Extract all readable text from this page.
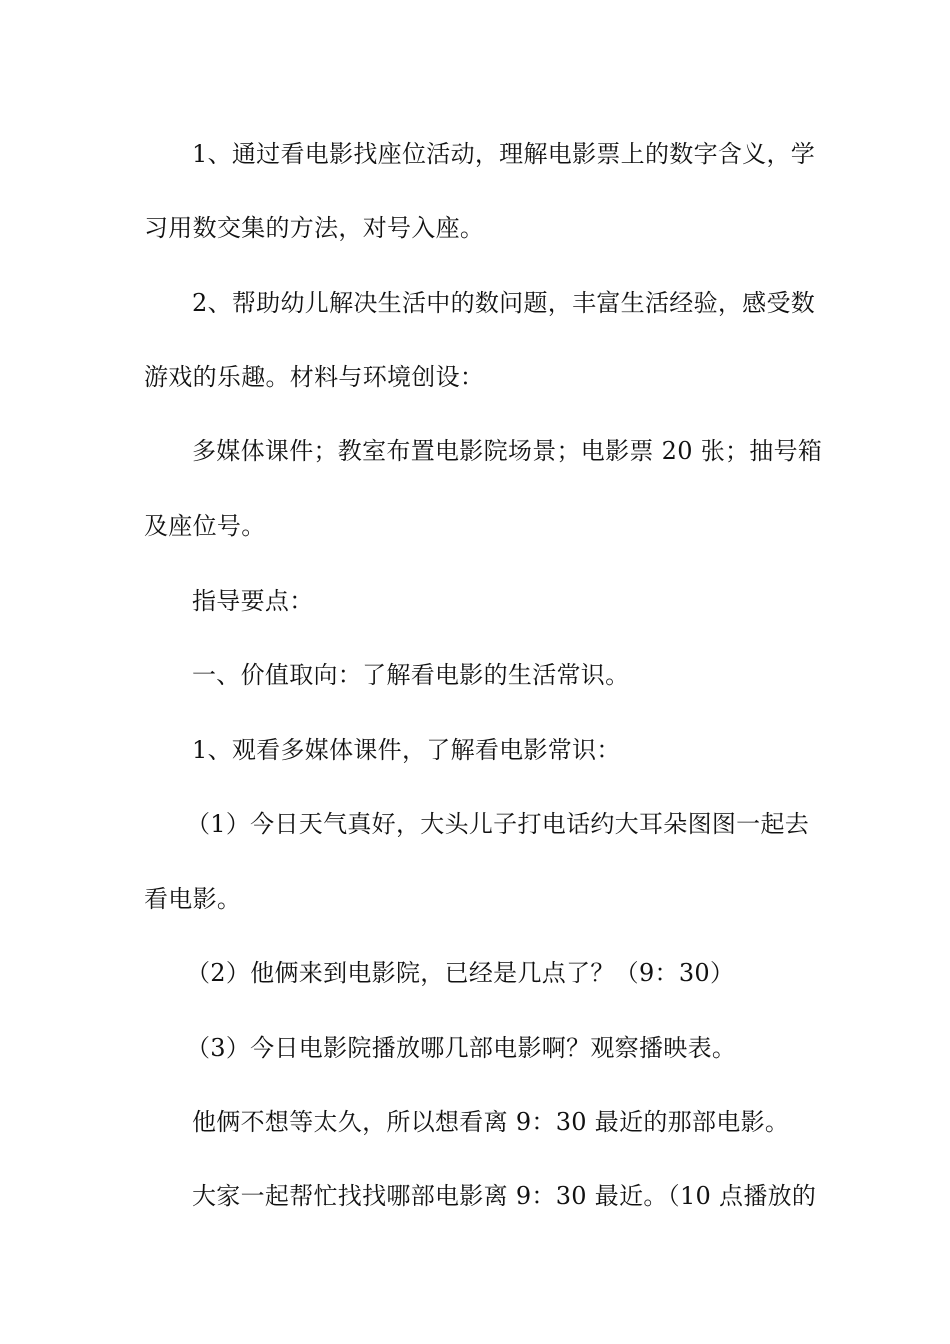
1、通过看电影找座位活动，理解电影票上的数字含义，学
习用数交集的方法，对号入座。
2、帮助幼儿解决生活中的数问题，丰富生活经验，感受数
游戏的乐趣。材料与环境创设：
多媒体课件；教室布置电影院场景；电影票 20 张；抽号箱
及座位号。
指导要点：
一、价值取向：了解看电影的生活常识。
1、观看多媒体课件，了解看电影常识：
（1）今日天气真好，大头儿子打电话约大耳朵图图一起去
看电影。
（2）他俩来到电影院，已经是几点了？（9：30）
（3）今日电影院播放哪几部电影啊？观察播映表。
他俩不想等太久，所以想看离 9：30 最近的那部电影。
大家一起帮忙找找哪部电影离 9：30 最近。（10 点播放的
